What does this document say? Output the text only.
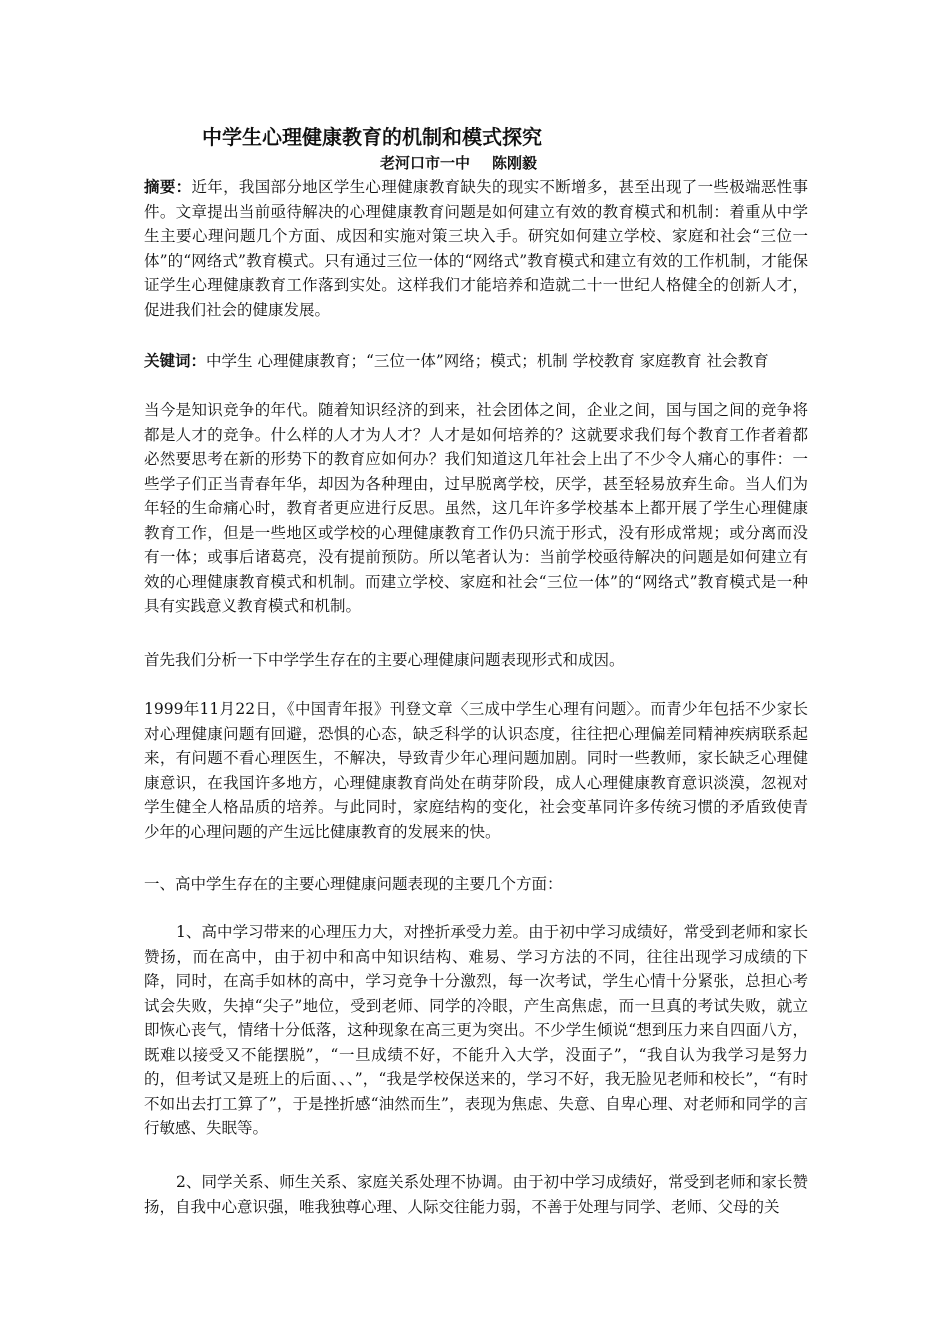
中学生心理健康教育的机制和模式探究
老河口市一中 陈刚毅
摘要：近年，我国部分地区学生心理健康教育缺失的现实不断增多，甚至出现了一些极端恶性事件。文章提出当前亟待解决的心理健康教育问题是如何建立有效的教育模式和机制：着重从中学生主要心理问题几个方面、成因和实施对策三块入手。研究如何建立学校、家庭和社会“三位一体”的“网络式”教育模式。只有通过三位一体的“网络式”教育模式和建立有效的工作机制，才能保证学生心理健康教育工作落到实处。这样我们才能培养和造就二十一世纪人格健全的创新人才，促进我们社会的健康发展。
关键词：中学生 心理健康教育；“三位一体”网络；模式；机制 学校教育 家庭教育 社会教育
当今是知识竞争的年代。随着知识经济的到来，社会团体之间，企业之间，国与国之间的竞争将都是人才的竞争。什么样的人才为人才？人才是如何培养的？这就要求我们每个教育工作者着都必然要思考在新的形势下的教育应如何办？我们知道这几年社会上出了不少令人痛心的事件：一些学子们正当青春年华，却因为各种理由，过早脱离学校，厌学，甚至轻易放弃生命。当人们为年轻的生命痛心时，教育者更应进行反思。虽然，这几年许多学校基本上都开展了学生心理健康教育工作，但是一些地区或学校的心理健康教育工作仍只流于形式，没有形成常规；或分离而没有一体；或事后诸葛亮，没有提前预防。所以笔者认为：当前学校亟待解决的问题是如何建立有效的心理健康教育模式和机制。而建立学校、家庭和社会“三位一体”的“网络式”教育模式是一种具有实践意义教育模式和机制。
首先我们分析一下中学学生存在的主要心理健康问题表现形式和成因。
1999年11月22日，《中国青年报》刊登文章〈三成中学生心理有问题〉。而青少年包括不少家长对心理健康问题有回避，恐惧的心态，缺乏科学的认识态度，往往把心理偏差同精神疾病联系起来，有问题不看心理医生，不解决，导致青少年心理问题加剧。同时一些教师，家长缺乏心理健康意识，在我国许多地方，心理健康教育尚处在萌芽阶段，成人心理健康教育意识淡漠，忽视对学生健全人格品质的培养。与此同时，家庭结构的变化，社会变革同许多传统习惯的矛盾致使青少年的心理问题的产生远比健康教育的发展来的快。
一、高中学生存在的主要心理健康问题表现的主要几个方面：
1、高中学习带来的心理压力大，对挫折承受力差。由于初中学习成绩好，常受到老师和家长赞扬，而在高中，由于初中和高中知识结构、难易、学习方法的不同，往往出现学习成绩的下降，同时，在高手如林的高中，学习竞争十分激烈，每一次考试，学生心情十分紧张，总担心考试会失败，失掉“尖子”地位，受到老师、同学的冷眼，产生高焦虑，而一旦真的考试失败，就立即恢心丧气，情绪十分低落，这种现象在高三更为突出。不少学生倾说“想到压力来自四面八方，既难以接受又不能摆脱”，“一旦成绩不好，不能升入大学，没面子”，“我自认为我学习是努力的，但考试又是班上的后面、、、”，“我是学校保送来的，学习不好，我无脸见老师和校长”，“有时不如出去打工算了”，于是挫折感“油然而生”，表现为焦虑、失意、自卑心理、对老师和同学的言行敏感、失眠等。
2、同学关系、师生关系、家庭关系处理不协调。由于初中学习成绩好，常受到老师和家长赞扬，自我中心意识强，唯我独尊心理、人际交往能力弱，不善于处理与同学、老师、父母的关
